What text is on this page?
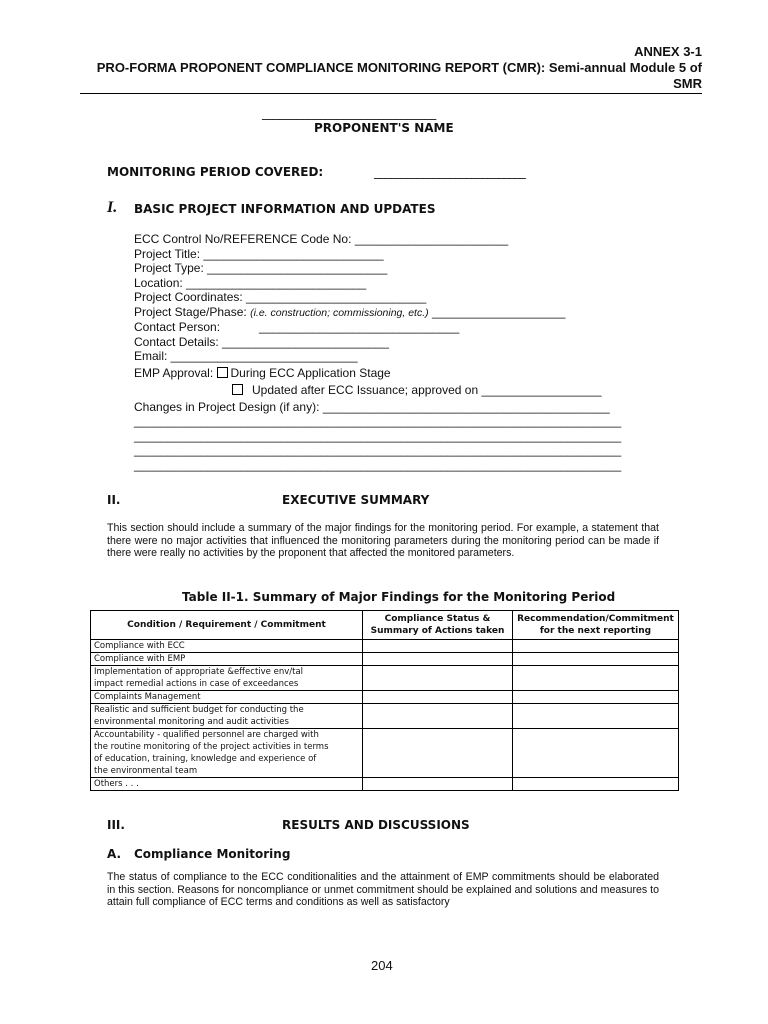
ANNEX 3-1
PRO-FORMA PROPONENT COMPLIANCE MONITORING REPORT (CMR): Semi-annual Module 5 of
SMR
______________________________
PROPONENT'S NAME
MONITORING PERIOD COVERED:	____________________________
I. BASIC PROJECT INFORMATION AND UPDATES
ECC Control No/REFERENCE Code No: _______________________
Project Title: ___________________________
Project Type: ___________________________
Location: ___________________________
Project Coordinates: ___________________________
Project Stage/Phase: (i.e. construction; commissioning, etc.) ____________________
Contact Person:	______________________________
Contact Details: _________________________
Email: ____________________________
EMP Approval: During ECC Application Stage
Updated after ECC Issuance; approved on __________________
Changes in Project Design (if any): ___________________________________________
_________________________________________________________________________
_________________________________________________________________________
_________________________________________________________________________
_________________________________________________________________________
II.	EXECUTIVE SUMMARY
This section should include a summary of the major findings for the monitoring period. For example, a statement that there were no major activities that influenced the monitoring parameters during the monitoring period can be made if there were really no activities by the proponent that affected the monitored parameters.
Table II-1. Summary of Major Findings for the Monitoring Period
Condition / Requirement / Commitment	Compliance Status & Summary of Actions taken	Recommendation/Commitment for the next reporting
Compliance with ECC		
Compliance with EMP		
Implementation of appropriate &effective env/tal impact remedial actions in case of exceedances		
Complaints Management		
Realistic and sufficient budget for conducting the environmental monitoring and audit activities		
Accountability - qualified personnel are charged with the routine monitoring of the project activities in terms of education, training, knowledge and experience of the environmental team		
Others . . .		
III.	RESULTS AND DISCUSSIONS
A. Compliance Monitoring
The status of compliance to the ECC conditionalities and the attainment of EMP commitments should be elaborated in this section. Reasons for noncompliance or unmet commitment should be explained and solutions and measures to attain full compliance of ECC terms and conditions as well as satisfactory
204
